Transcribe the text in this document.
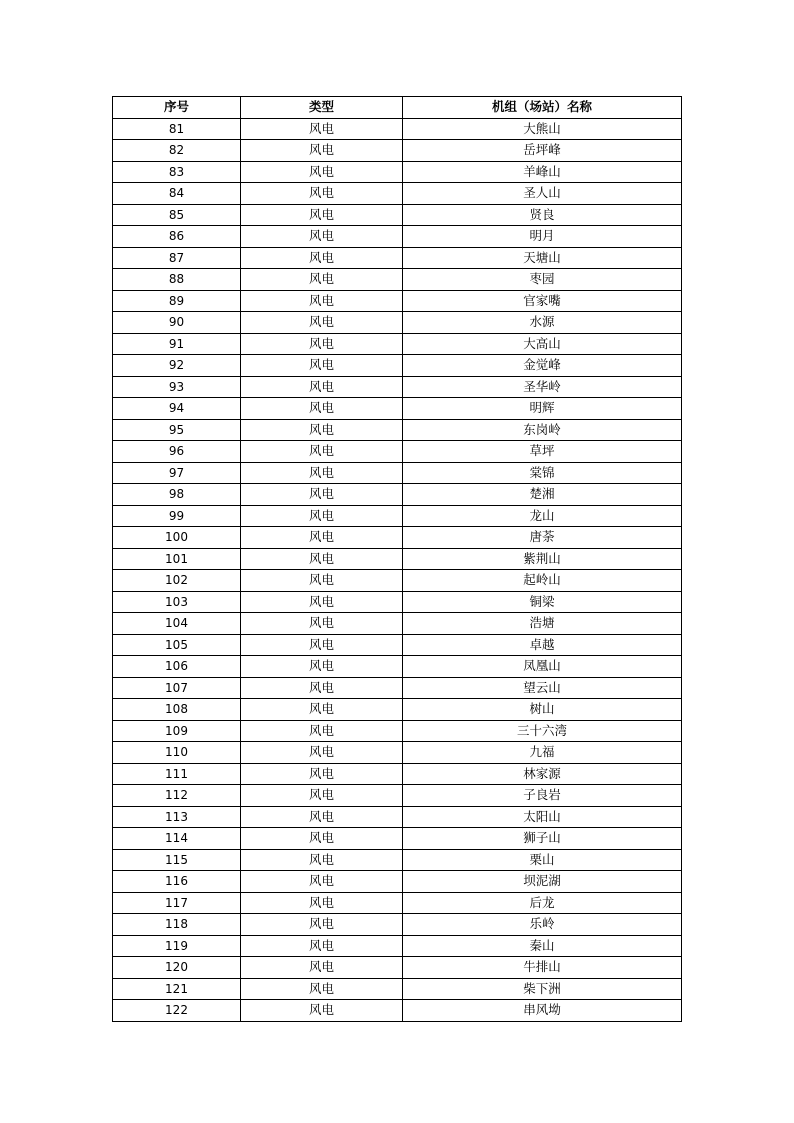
序号	类型	机组（场站）名称
81	风电	大熊山
82	风电	岳坪峰
83	风电	羊峰山
84	风电	圣人山
85	风电	贤良
86	风电	明月
87	风电	天塘山
88	风电	枣园
89	风电	官家嘴
90	风电	水源
91	风电	大高山
92	风电	金觉峰
93	风电	圣华岭
94	风电	明辉
95	风电	东岗岭
96	风电	草坪
97	风电	棠锦
98	风电	楚湘
99	风电	龙山
100	风电	唐荼
101	风电	紫荆山
102	风电	起岭山
103	风电	铜梁
104	风电	浩塘
105	风电	卓越
106	风电	凤凰山
107	风电	望云山
108	风电	树山
109	风电	三十六湾
110	风电	九福
111	风电	林家源
112	风电	子良岩
113	风电	太阳山
114	风电	狮子山
115	风电	栗山
116	风电	坝泥湖
117	风电	后龙
118	风电	乐岭
119	风电	秦山
120	风电	牛排山
121	风电	柴下洲
122	风电	串风坳
